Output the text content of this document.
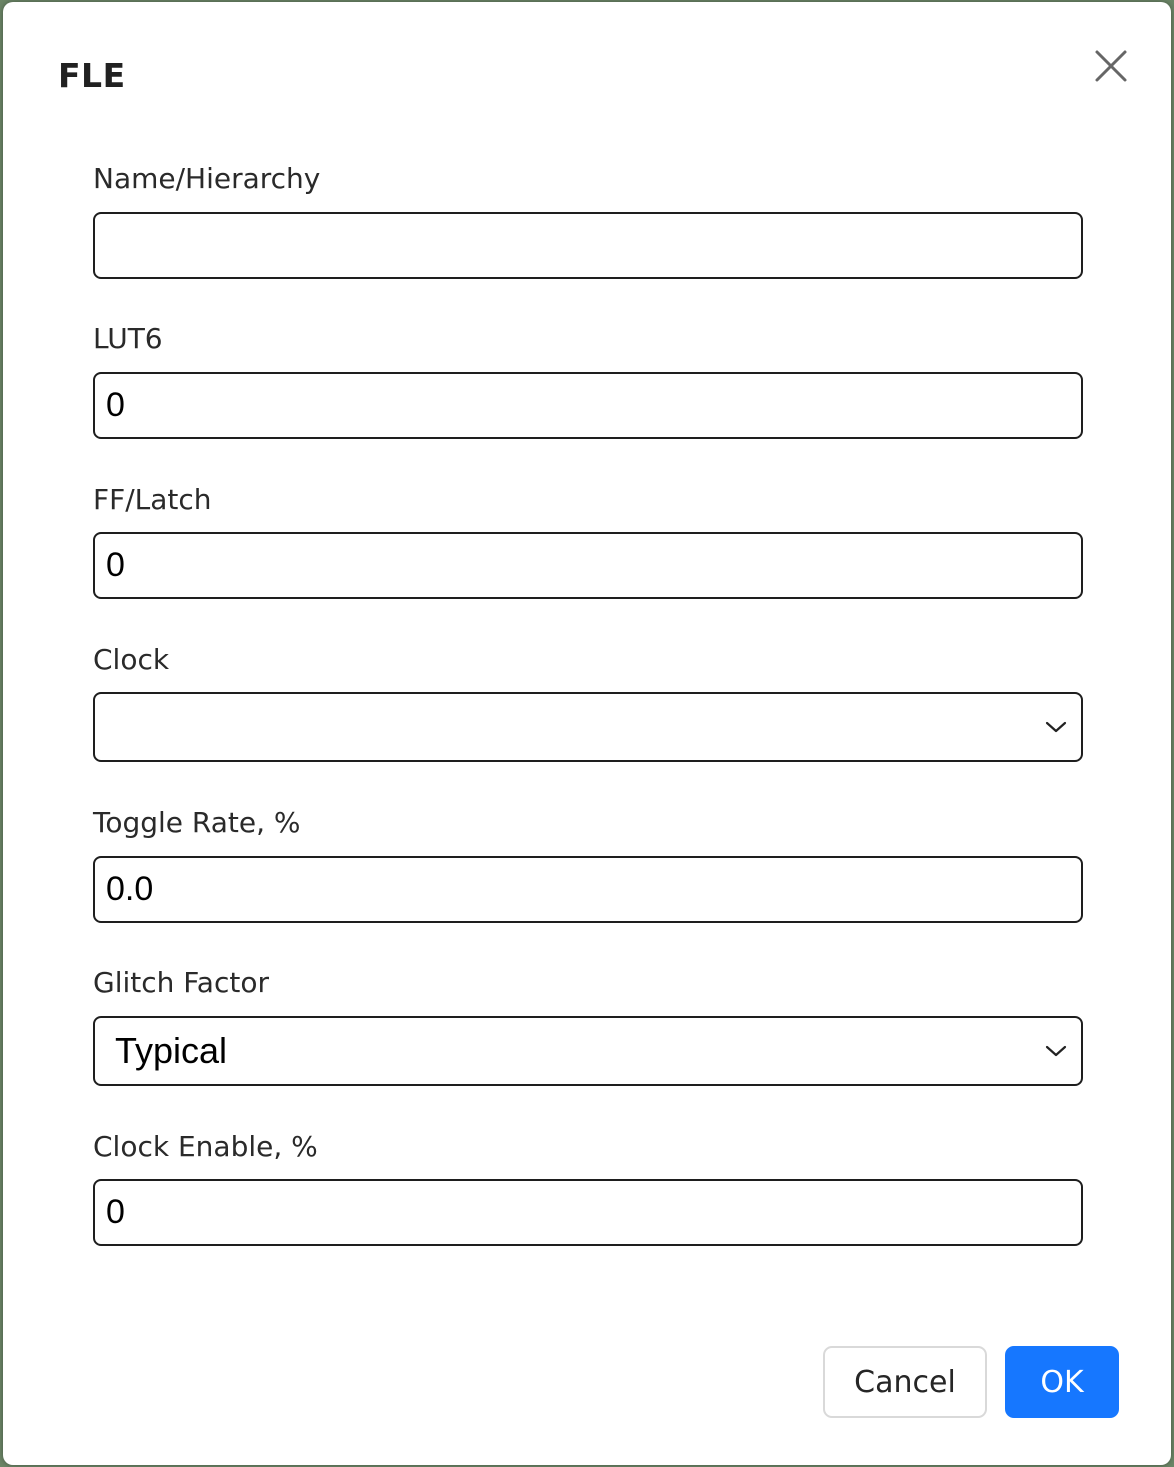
FLE
Name/Hierarchy
LUT6
0
FF/Latch
0
Clock
Toggle Rate, %
0.0
Glitch Factor
Typical
Clock Enable, %
0
Cancel	OK
